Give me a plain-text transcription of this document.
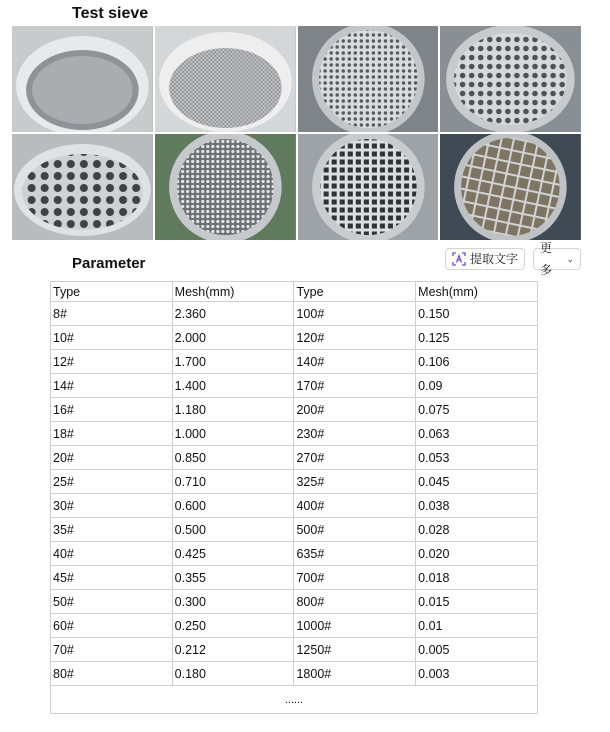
Test sieve
Parameter	提取文字
更多
⌄
Type	Mesh(mm)	Type	Mesh(mm)
8#	2.360	100#	0.150
10#	2.000	120#	0.125
12#	1.700	140#	0.106
14#	1.400	170#	0.09
16#	1.180	200#	0.075
18#	1.000	230#	0.063
20#	0.850	270#	0.053
25#	0.710	325#	0.045
30#	0.600	400#	0.038
35#	0.500	500#	0.028
40#	0.425	635#	0.020
45#	0.355	700#	0.018
50#	0.300	800#	0.015
60#	0.250	1000#	0.01
70#	0.212	1250#	0.005
80#	0.180	1800#	0.003
......			
